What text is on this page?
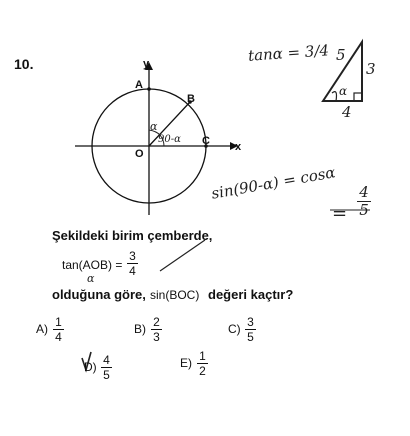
10.	y
x
A
B
C
O
α
90-α
tanα = 3/4 5
3
4
α
sin(90-α) = cosα
=
4
5
Şekildeki birim çemberde,
tan(AOB) =
α
3
4
olduğuna göre, sin(BOC) değeri kaçtır?
A) 1
4
B) 2
3
C) 3
5
D) 4
5
E) 1
2
